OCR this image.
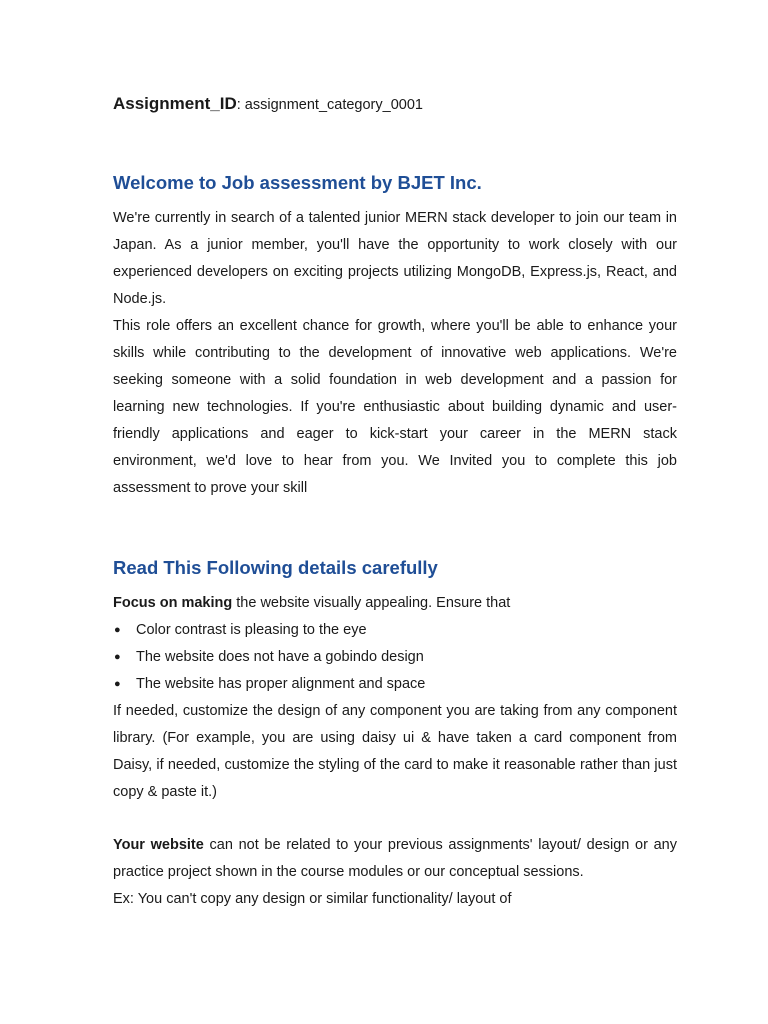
Assignment_ID: assignment_category_0001
Welcome to Job assessment by BJET Inc.

We're currently in search of a talented junior MERN stack developer to join our team in Japan. As a junior member, you'll have the opportunity to work closely with our experienced developers on exciting projects utilizing MongoDB, Express.js, React, and Node.js.

This role offers an excellent chance for growth, where you'll be able to enhance your skills while contributing to the development of innovative web applications. We're seeking someone with a solid foundation in web development and a passion for learning new technologies. If you're enthusiastic about building dynamic and user-friendly applications and eager to kick-start your career in the MERN stack environment, we'd love to hear from you. We Invited you to complete this job assessment to prove your skill

Read This Following details carefully

Focus on making the website visually appealing. Ensure that

● Color contrast is pleasing to the eye
● The website does not have a gobindo design
● The website has proper alignment and space

If needed, customize the design of any component you are taking from any component library. (For example, you are using daisy ui & have taken a card component from Daisy, if needed, customize the styling of the card to make it reasonable rather than just copy & paste it.)

Your website can not be related to your previous assignments' layout/ design or any practice project shown in the course modules or our conceptual sessions.

Ex: You can't copy any design or similar functionality/ layout of
